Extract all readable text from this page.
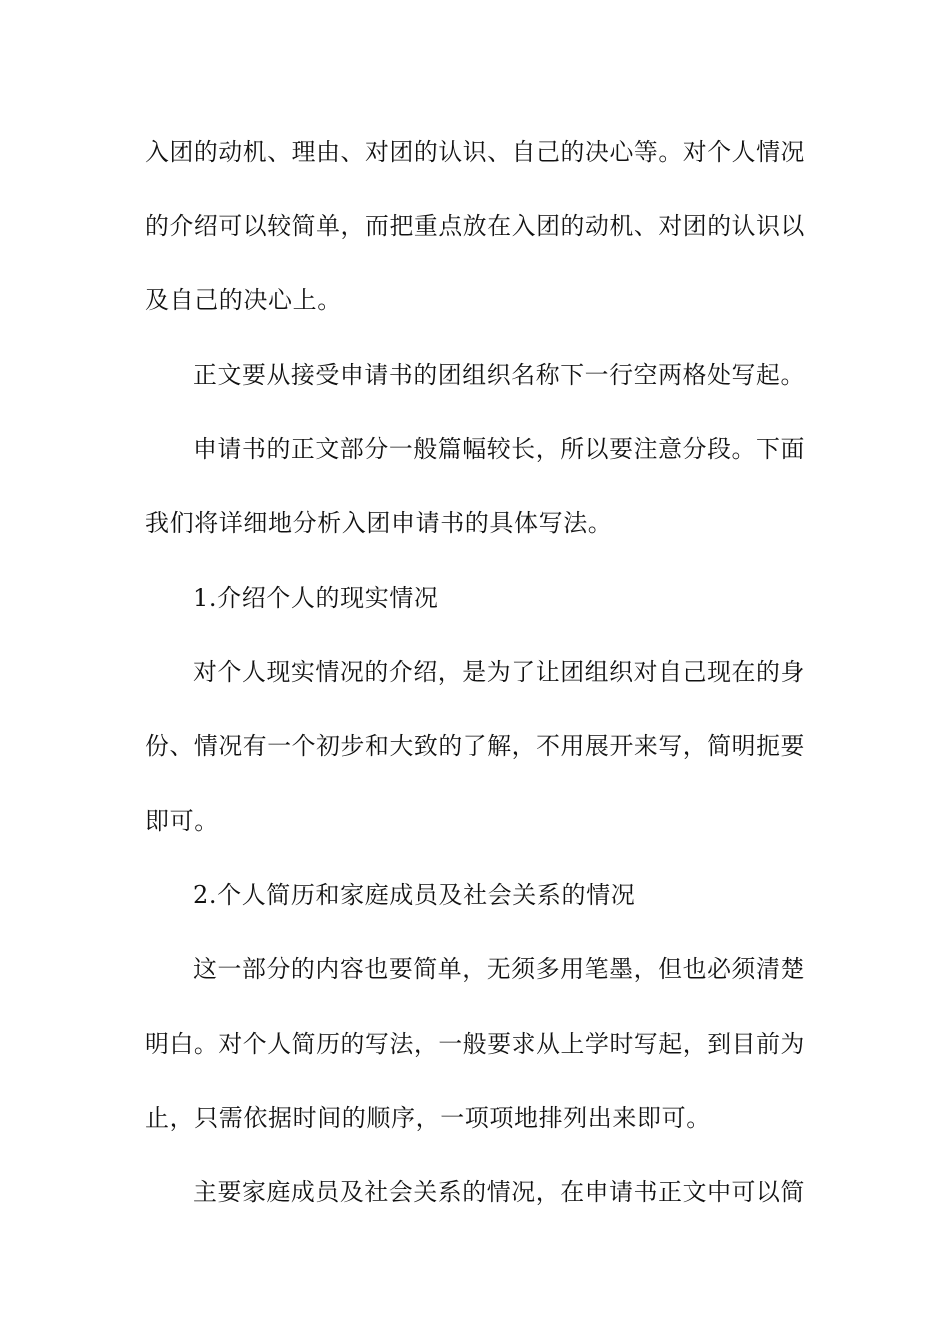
入团的动机、理由、对团的认识、自己的决心等。对个人情况
的介绍可以较简单，而把重点放在入团的动机、对团的认识以
及自己的决心上。
正文要从接受申请书的团组织名称下一行空两格处写起。
申请书的正文部分一般篇幅较长，所以要注意分段。下面
我们将详细地分析入团申请书的具体写法。
1.介绍个人的现实情况
对个人现实情况的介绍，是为了让团组织对自己现在的身
份、情况有一个初步和大致的了解，不用展开来写，简明扼要
即可。
2.个人简历和家庭成员及社会关系的情况
这一部分的内容也要简单，无须多用笔墨，但也必须清楚
明白。对个人简历的写法，一般要求从上学时写起，到目前为
止，只需依据时间的顺序，一项项地排列出来即可。
主要家庭成员及社会关系的情况，在申请书正文中可以简
